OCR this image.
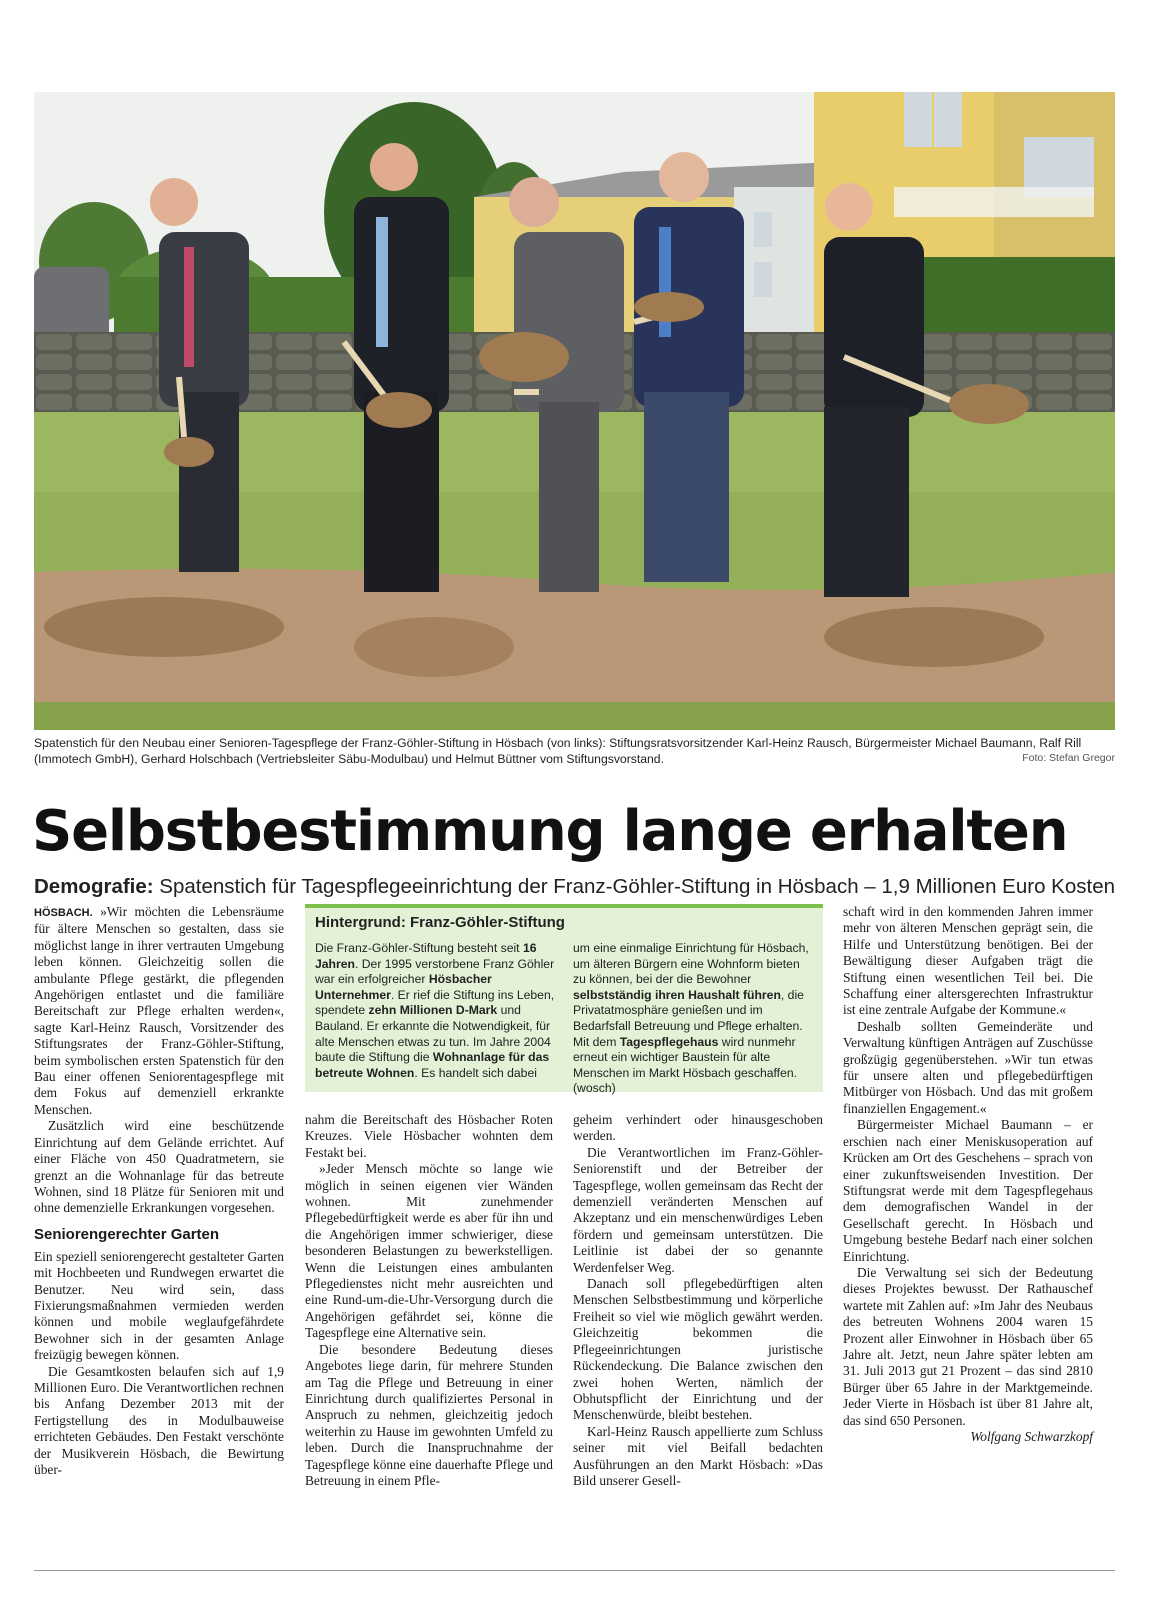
Spatenstich für den Neubau einer Senioren-Tagespflege der Franz-Göhler-Stiftung in Hösbach (von links): Stiftungsratsvorsitzender Karl-Heinz Rausch, Bürgermeister Michael Baumann, Ralf Rill (Immotech GmbH), Gerhard Holschbach (Vertriebsleiter Säbu-Modulbau) und Helmut Büttner vom Stiftungsvorstand.	Foto: Stefan Gregor
Selbstbestimmung lange erhalten
Demografie: Spatenstich für Tagespflegeeinrichtung der Franz-Göhler-Stiftung in Hösbach – 1,9 Millionen Euro Kosten

HÖSBACH. »Wir möchten die Lebensräume für ältere Menschen so gestalten, dass sie möglichst lange in ihrer vertrauten Umgebung leben können. Gleichzeitig sollen die ambulante Pflege gestärkt, die pflegenden Angehörigen entlastet und die familiäre Bereitschaft zur Pflege erhalten werden«, sagte Karl-Heinz Rausch, Vorsitzender des Stiftungsrates der Franz-Göhler-Stiftung, beim symbolischen ersten Spatenstich für den Bau einer offenen Seniorentagespflege mit dem Fokus auf demenziell erkrankte Menschen.

Zusätzlich wird eine beschützende Einrichtung auf dem Gelände errichtet. Auf einer Fläche von 450 Quadratmetern, sie grenzt an die Wohnanlage für das betreute Wohnen, sind 18 Plätze für Senioren mit und ohne demenzielle Erkrankungen vorgesehen.

Seniorengerechter Garten

Ein speziell seniorengerecht gestalteter Garten mit Hochbeeten und Rundwegen erwartet die Benutzer. Neu wird sein, dass Fixierungsmaßnahmen vermieden werden können und mobile weglaufgefährdete Bewohner sich in der gesamten Anlage freizügig bewegen können.

Die Gesamtkosten belaufen sich auf 1,9 Millionen Euro. Die Verantwortlichen rechnen bis Anfang Dezember 2013 mit der Fertigstellung des in Modulbauweise errichteten Gebäudes. Den Festakt verschönte der Musikverein Hösbach, die Bewirtung über-

Hintergrund: Franz-Göhler-Stiftung
Die Franz-Göhler-Stiftung besteht seit 16 Jahren. Der 1995 verstorbene Franz Göhler war ein erfolgreicher Hösbacher Unternehmer. Er rief die Stiftung ins Leben, spendete zehn Millionen D-Mark und Bauland. Er erkannte die Notwendigkeit, für alte Menschen etwas zu tun. Im Jahre 2004 baute die Stiftung die Wohnanlage für das betreute Wohnen. Es handelt sich dabei
um eine einmalige Einrichtung für Hösbach, um älteren Bürgern eine Wohnform bieten zu können, bei der die Bewohner selbstständig ihren Haushalt führen, die Privatatmosphäre genießen und im Bedarfsfall Betreuung und Pflege erhalten. Mit dem Tagespflegehaus wird nunmehr erneut ein wichtiger Baustein für alte Menschen im Markt Hösbach geschaffen. (wosch)

nahm die Bereitschaft des Hösbacher Roten Kreuzes. Viele Hösbacher wohnten dem Festakt bei.

»Jeder Mensch möchte so lange wie möglich in seinen eigenen vier Wänden wohnen. Mit zunehmender Pflegebedürftigkeit werde es aber für ihn und die Angehörigen immer schwieriger, diese besonderen Belastungen zu bewerkstelligen. Wenn die Leistungen eines ambulanten Pflegedienstes nicht mehr ausreichten und eine Rund-um-die-Uhr-Versorgung durch die Angehörigen gefährdet sei, könne die Tagespflege eine Alternative sein.

Die besondere Bedeutung dieses Angebotes liege darin, für mehrere Stunden am Tag die Pflege und Betreuung in einer Einrichtung durch qualifiziertes Personal in Anspruch zu nehmen, gleichzeitig jedoch weiterhin zu Hause im gewohnten Umfeld zu leben. Durch die Inanspruchnahme der Tagespflege könne eine dauerhafte Pflege und Betreuung in einem Pfle-

geheim verhindert oder hinausgeschoben werden.

Die Verantwortlichen im Franz-Göhler-Seniorenstift und der Betreiber der Tagespflege, wollen gemeinsam das Recht der demenziell veränderten Menschen auf Akzeptanz und ein menschenwürdiges Leben fördern und gemeinsam unterstützen. Die Leitlinie ist dabei der so genannte Werdenfelser Weg.

Danach soll pflegebedürftigen alten Menschen Selbstbestimmung und körperliche Freiheit so viel wie möglich gewährt werden. Gleichzeitig bekommen die Pflegeeinrichtungen juristische Rückendeckung. Die Balance zwischen den zwei hohen Werten, nämlich der Obhutspflicht der Einrichtung und der Menschenwürde, bleibt bestehen.

Karl-Heinz Rausch appellierte zum Schluss seiner mit viel Beifall bedachten Ausführungen an den Markt Hösbach: »Das Bild unserer Gesell-

schaft wird in den kommenden Jahren immer mehr von älteren Menschen geprägt sein, die Hilfe und Unterstützung benötigen. Bei der Bewältigung dieser Aufgaben trägt die Stiftung einen wesentlichen Teil bei. Die Schaffung einer altersgerechten Infrastruktur ist eine zentrale Aufgabe der Kommune.«

Deshalb sollten Gemeinderäte und Verwaltung künftigen Anträgen auf Zuschüsse großzügig gegenüberstehen. »Wir tun etwas für unsere alten und pflegebedürftigen Mitbürger von Hösbach. Und das mit großem finanziellen Engagement.«

Bürgermeister Michael Baumann – er erschien nach einer Meniskusoperation auf Krücken am Ort des Geschehens – sprach von einer zukunftsweisenden Investition. Der Stiftungsrat werde mit dem Tagespflegehaus dem demografischen Wandel in der Gesellschaft gerecht. In Hösbach und Umgebung bestehe Bedarf nach einer solchen Einrichtung.

Die Verwaltung sei sich der Bedeutung dieses Projektes bewusst. Der Rathauschef wartete mit Zahlen auf: »Im Jahr des Neubaus des betreuten Wohnens 2004 waren 15 Prozent aller Einwohner in Hösbach über 65 Jahre alt. Jetzt, neun Jahre später lebten am 31. Juli 2013 gut 21 Prozent – das sind 2810 Bürger über 65 Jahre in der Marktgemeinde. Jeder Vierte in Hösbach ist über 81 Jahre alt, das sind 650 Personen.

Wolfgang Schwarzkopf
